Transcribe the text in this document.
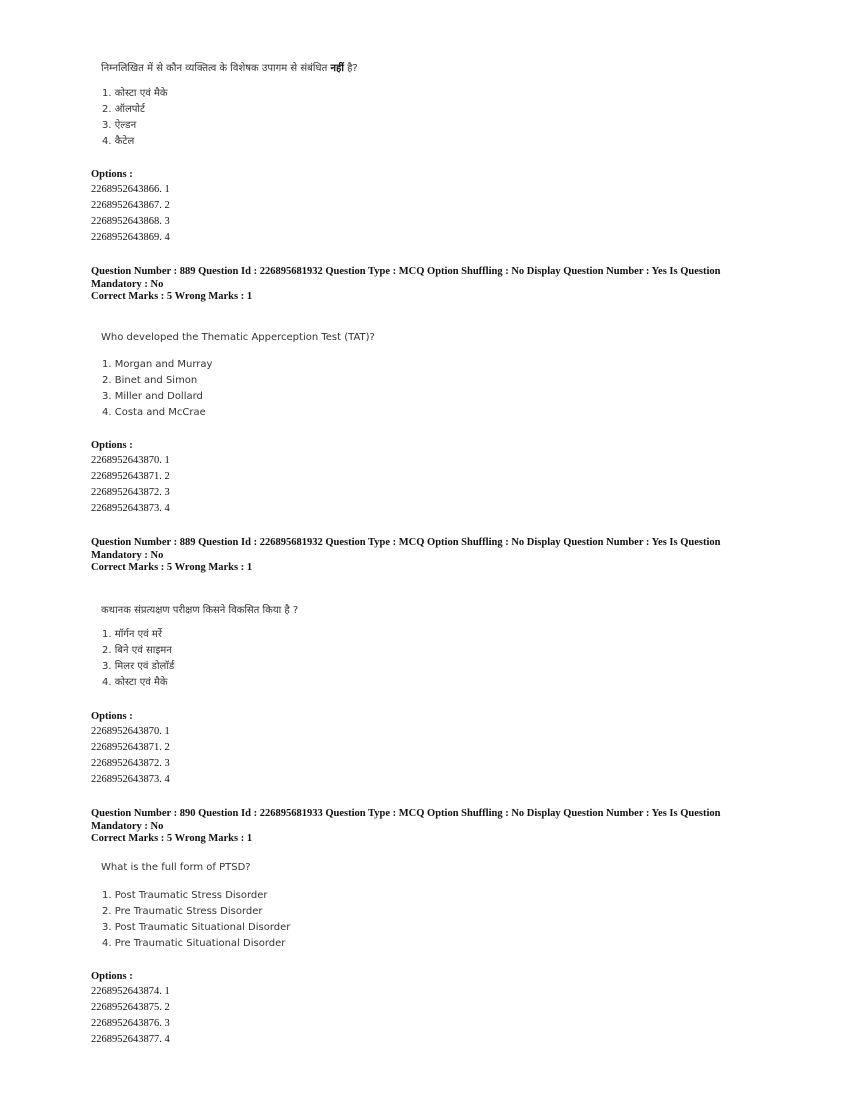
निम्नलिखित में से कौन व्यक्तित्व के विशेषक उपागम से संबंधित नहीं है?
1. कोस्टा एवं मैके
2. ऑलपोर्ट
3. ऐल्डन
4. कैटेल
Options :
2268952643866. 1
2268952643867. 2
2268952643868. 3
2268952643869. 4
Question Number : 889 Question Id : 226895681932 Question Type : MCQ Option Shuffling : No Display Question Number : Yes Is Question
Mandatory : No
Correct Marks : 5 Wrong Marks : 1
Who developed the Thematic Apperception Test (TAT)?
1. Morgan and Murray
2. Binet and Simon
3. Miller and Dollard
4. Costa and McCrae
Options :
2268952643870. 1
2268952643871. 2
2268952643872. 3
2268952643873. 4
Question Number : 889 Question Id : 226895681932 Question Type : MCQ Option Shuffling : No Display Question Number : Yes Is Question
Mandatory : No
Correct Marks : 5 Wrong Marks : 1
कथानक संप्रत्यक्षण परीक्षण किसने विकसित किया है ?
1. मॉर्गन एवं मर्रे
2. बिने एवं साइमन
3. मिलर एवं डोलॉर्ड
4. कोस्टा एवं मैके
Options :
2268952643870. 1
2268952643871. 2
2268952643872. 3
2268952643873. 4
Question Number : 890 Question Id : 226895681933 Question Type : MCQ Option Shuffling : No Display Question Number : Yes Is Question
Mandatory : No
Correct Marks : 5 Wrong Marks : 1
What is the full form of PTSD?
1. Post Traumatic Stress Disorder
2. Pre Traumatic Stress Disorder
3. Post Traumatic Situational Disorder
4. Pre Traumatic Situational Disorder
Options :
2268952643874. 1
2268952643875. 2
2268952643876. 3
2268952643877. 4
